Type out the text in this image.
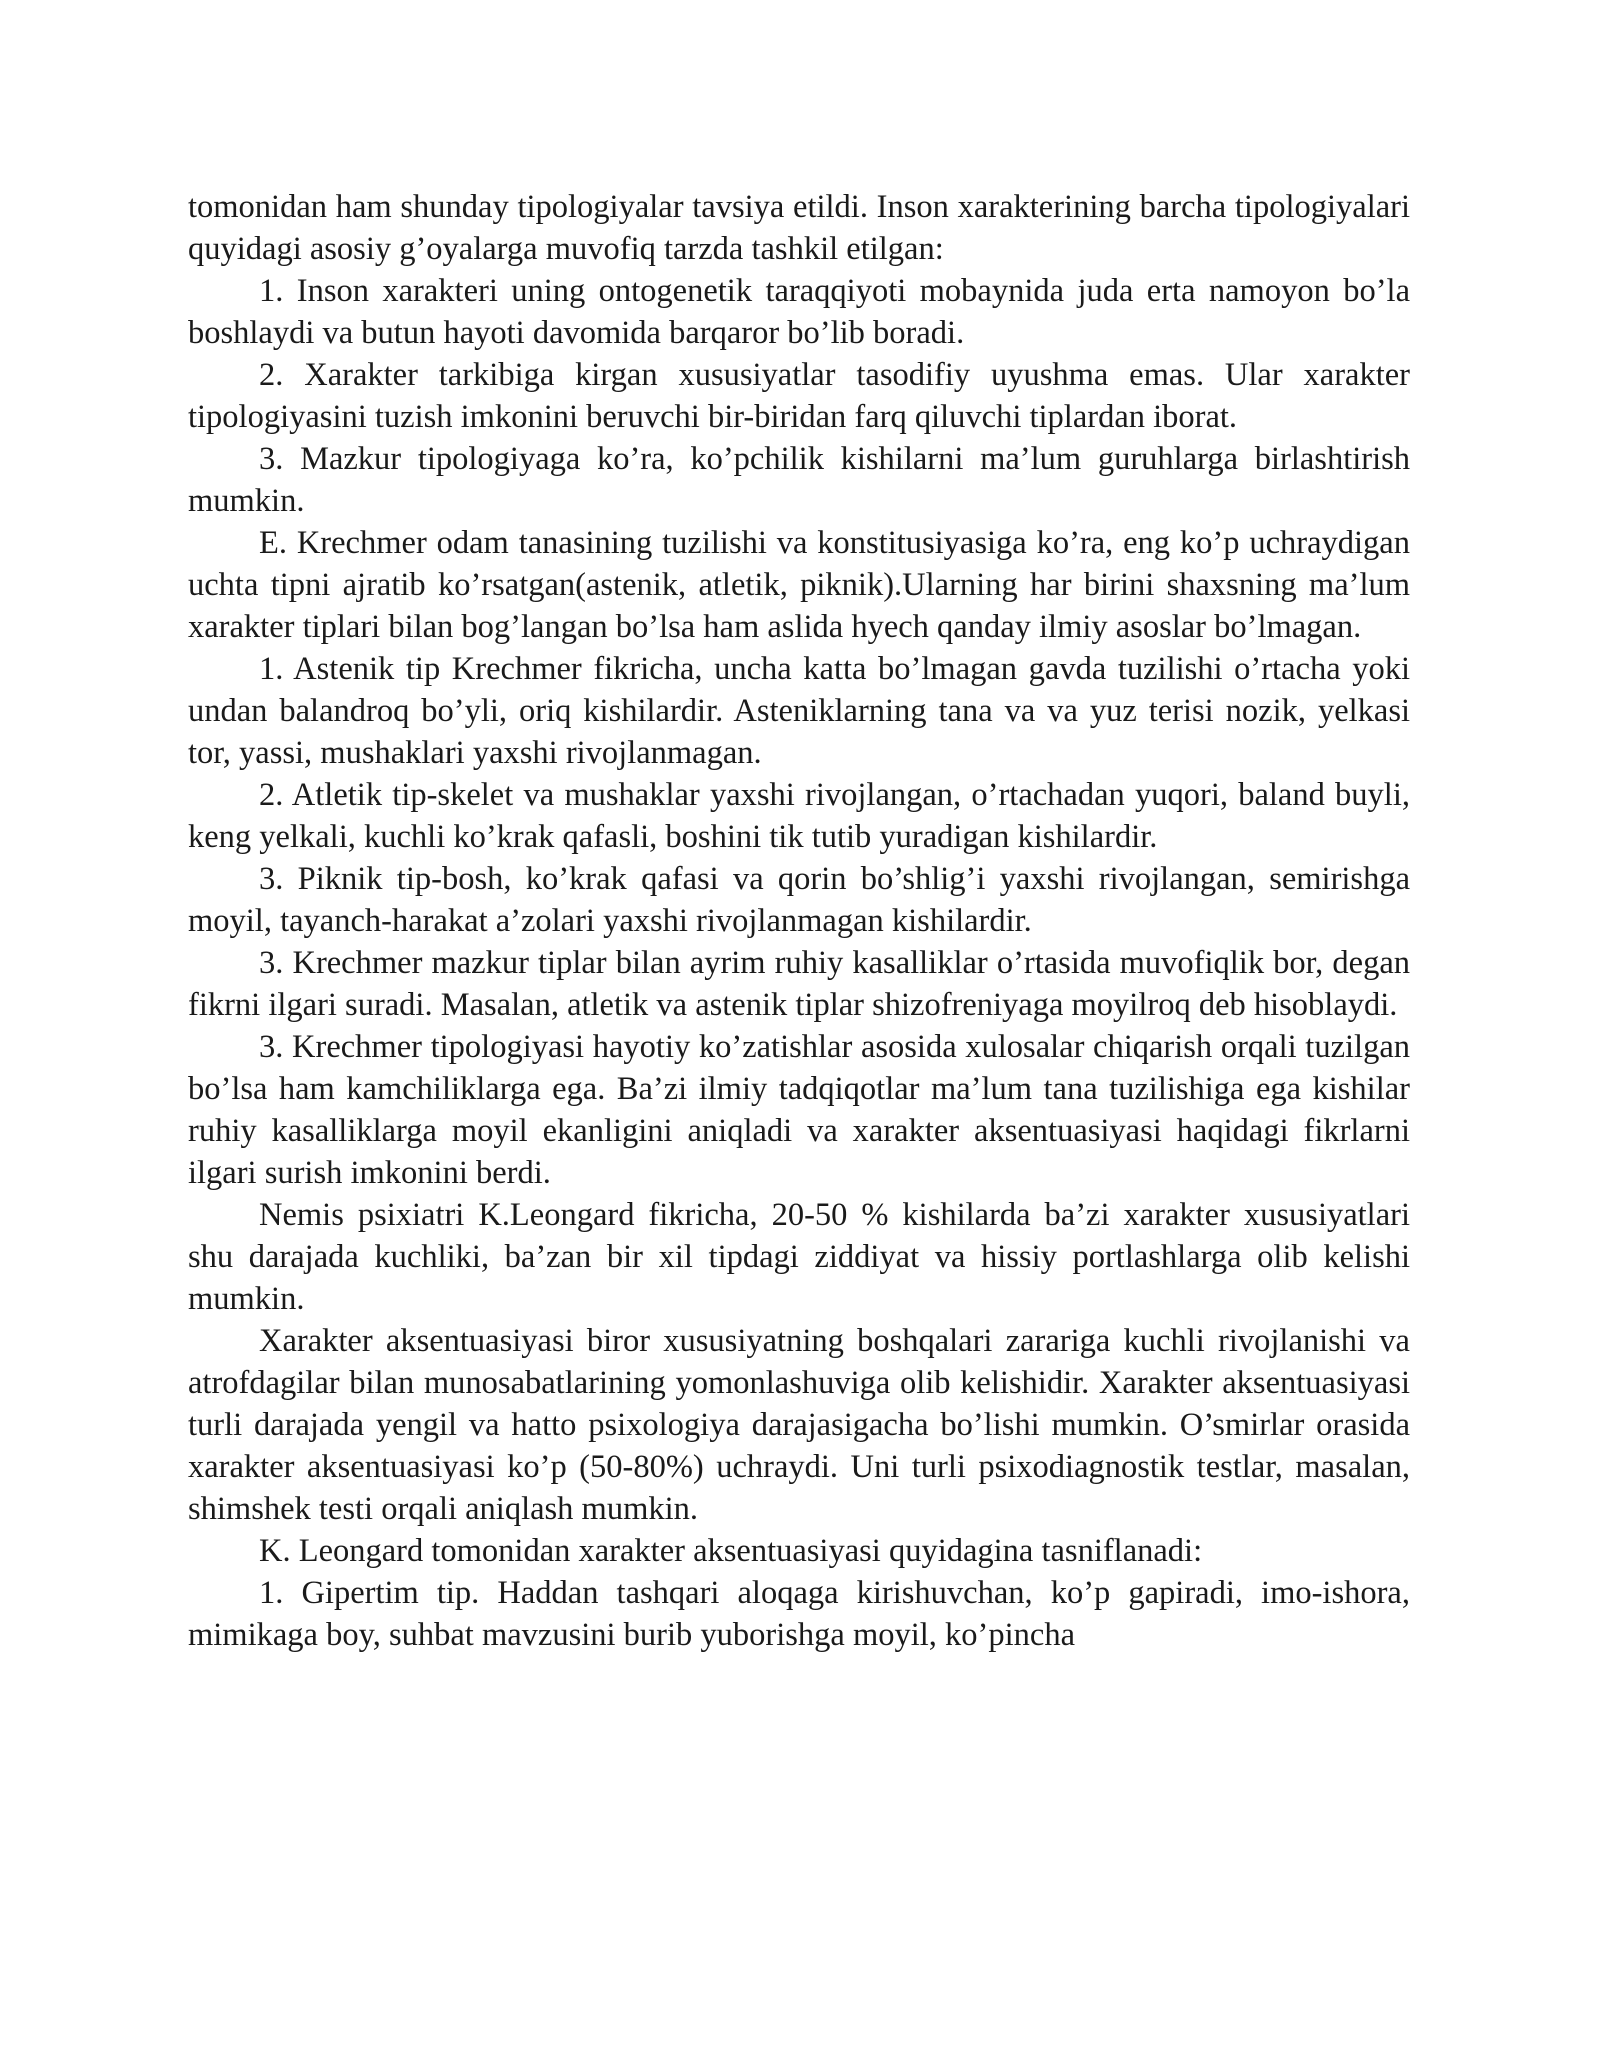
tomonidan ham shunday tipologiyalar tavsiya etildi. Inson xarakterining barcha tipologiyalari quyidagi asosiy g’oyalarga muvofiq tarzda tashkil etilgan:

1. Inson xarakteri uning ontogenetik taraqqiyoti mobaynida juda erta namoyon bo’la boshlaydi va butun hayoti davomida barqaror bo’lib boradi.

2. Xarakter tarkibiga kirgan xususiyatlar tasodifiy uyushma emas. Ular xarakter tipologiyasini tuzish imkonini beruvchi bir-biridan farq qiluvchi tiplardan iborat.

3. Mazkur tipologiyaga ko’ra, ko’pchilik kishilarni ma’lum guruhlarga birlashtirish mumkin.

E. Krechmer odam tanasining tuzilishi va konstitusiyasiga ko’ra, eng ko’p uchraydigan uchta tipni ajratib ko’rsatgan(astenik, atletik, piknik).Ularning har birini shaxsning ma’lum xarakter tiplari bilan bog’langan bo’lsa ham aslida hyech qanday ilmiy asoslar bo’lmagan.

1. Astenik tip Krechmer fikricha, uncha katta bo’lmagan gavda tuzilishi o’rtacha yoki undan balandroq bo’yli, oriq kishilardir. Asteniklarning tana va va yuz terisi nozik, yelkasi tor, yassi, mushaklari yaxshi rivojlanmagan.

2. Atletik tip-skelet va mushaklar yaxshi rivojlangan, o’rtachadan yuqori, baland buyli, keng yelkali, kuchli ko’krak qafasli, boshini tik tutib yuradigan kishilardir.

3. Piknik tip-bosh, ko’krak qafasi va qorin bo’shlig’i yaxshi rivojlangan, semirishga moyil, tayanch-harakat a’zolari yaxshi rivojlanmagan kishilardir.

3. Krechmer mazkur tiplar bilan ayrim ruhiy kasalliklar o’rtasida muvofiqlik bor, degan fikrni ilgari suradi. Masalan, atletik va astenik tiplar shizofreniyaga moyilroq deb hisoblaydi.

3. Krechmer tipologiyasi hayotiy ko’zatishlar asosida xulosalar chiqarish orqali tuzilgan bo’lsa ham kamchiliklarga ega. Ba’zi ilmiy tadqiqotlar ma’lum tana tuzilishiga ega kishilar ruhiy kasalliklarga moyil ekanligini aniqladi va xarakter aksentuasiyasi haqidagi fikrlarni ilgari surish imkonini berdi.

Nemis psixiatri K.Leongard fikricha, 20-50 % kishilarda ba’zi xarakter xususiyatlari shu darajada kuchliki, ba’zan bir xil tipdagi ziddiyat va hissiy portlashlarga olib kelishi mumkin.

Xarakter aksentuasiyasi biror xususiyatning boshqalari zarariga kuchli rivojlanishi va atrofdagilar bilan munosabatlarining yomonlashuviga olib kelishidir. Xarakter aksentuasiyasi turli darajada yengil va hatto psixologiya darajasigacha bo’lishi mumkin. O’smirlar orasida xarakter aksentuasiyasi ko’p (50-80%) uchraydi. Uni turli psixodiagnostik testlar, masalan, shimshek testi orqali aniqlash mumkin.

K. Leongard tomonidan xarakter aksentuasiyasi quyidagina tasniflanadi:

1. Gipertim tip. Haddan tashqari aloqaga kirishuvchan, ko’p gapiradi, imo-ishora, mimikaga boy, suhbat mavzusini burib yuborishga moyil, ko’pincha
